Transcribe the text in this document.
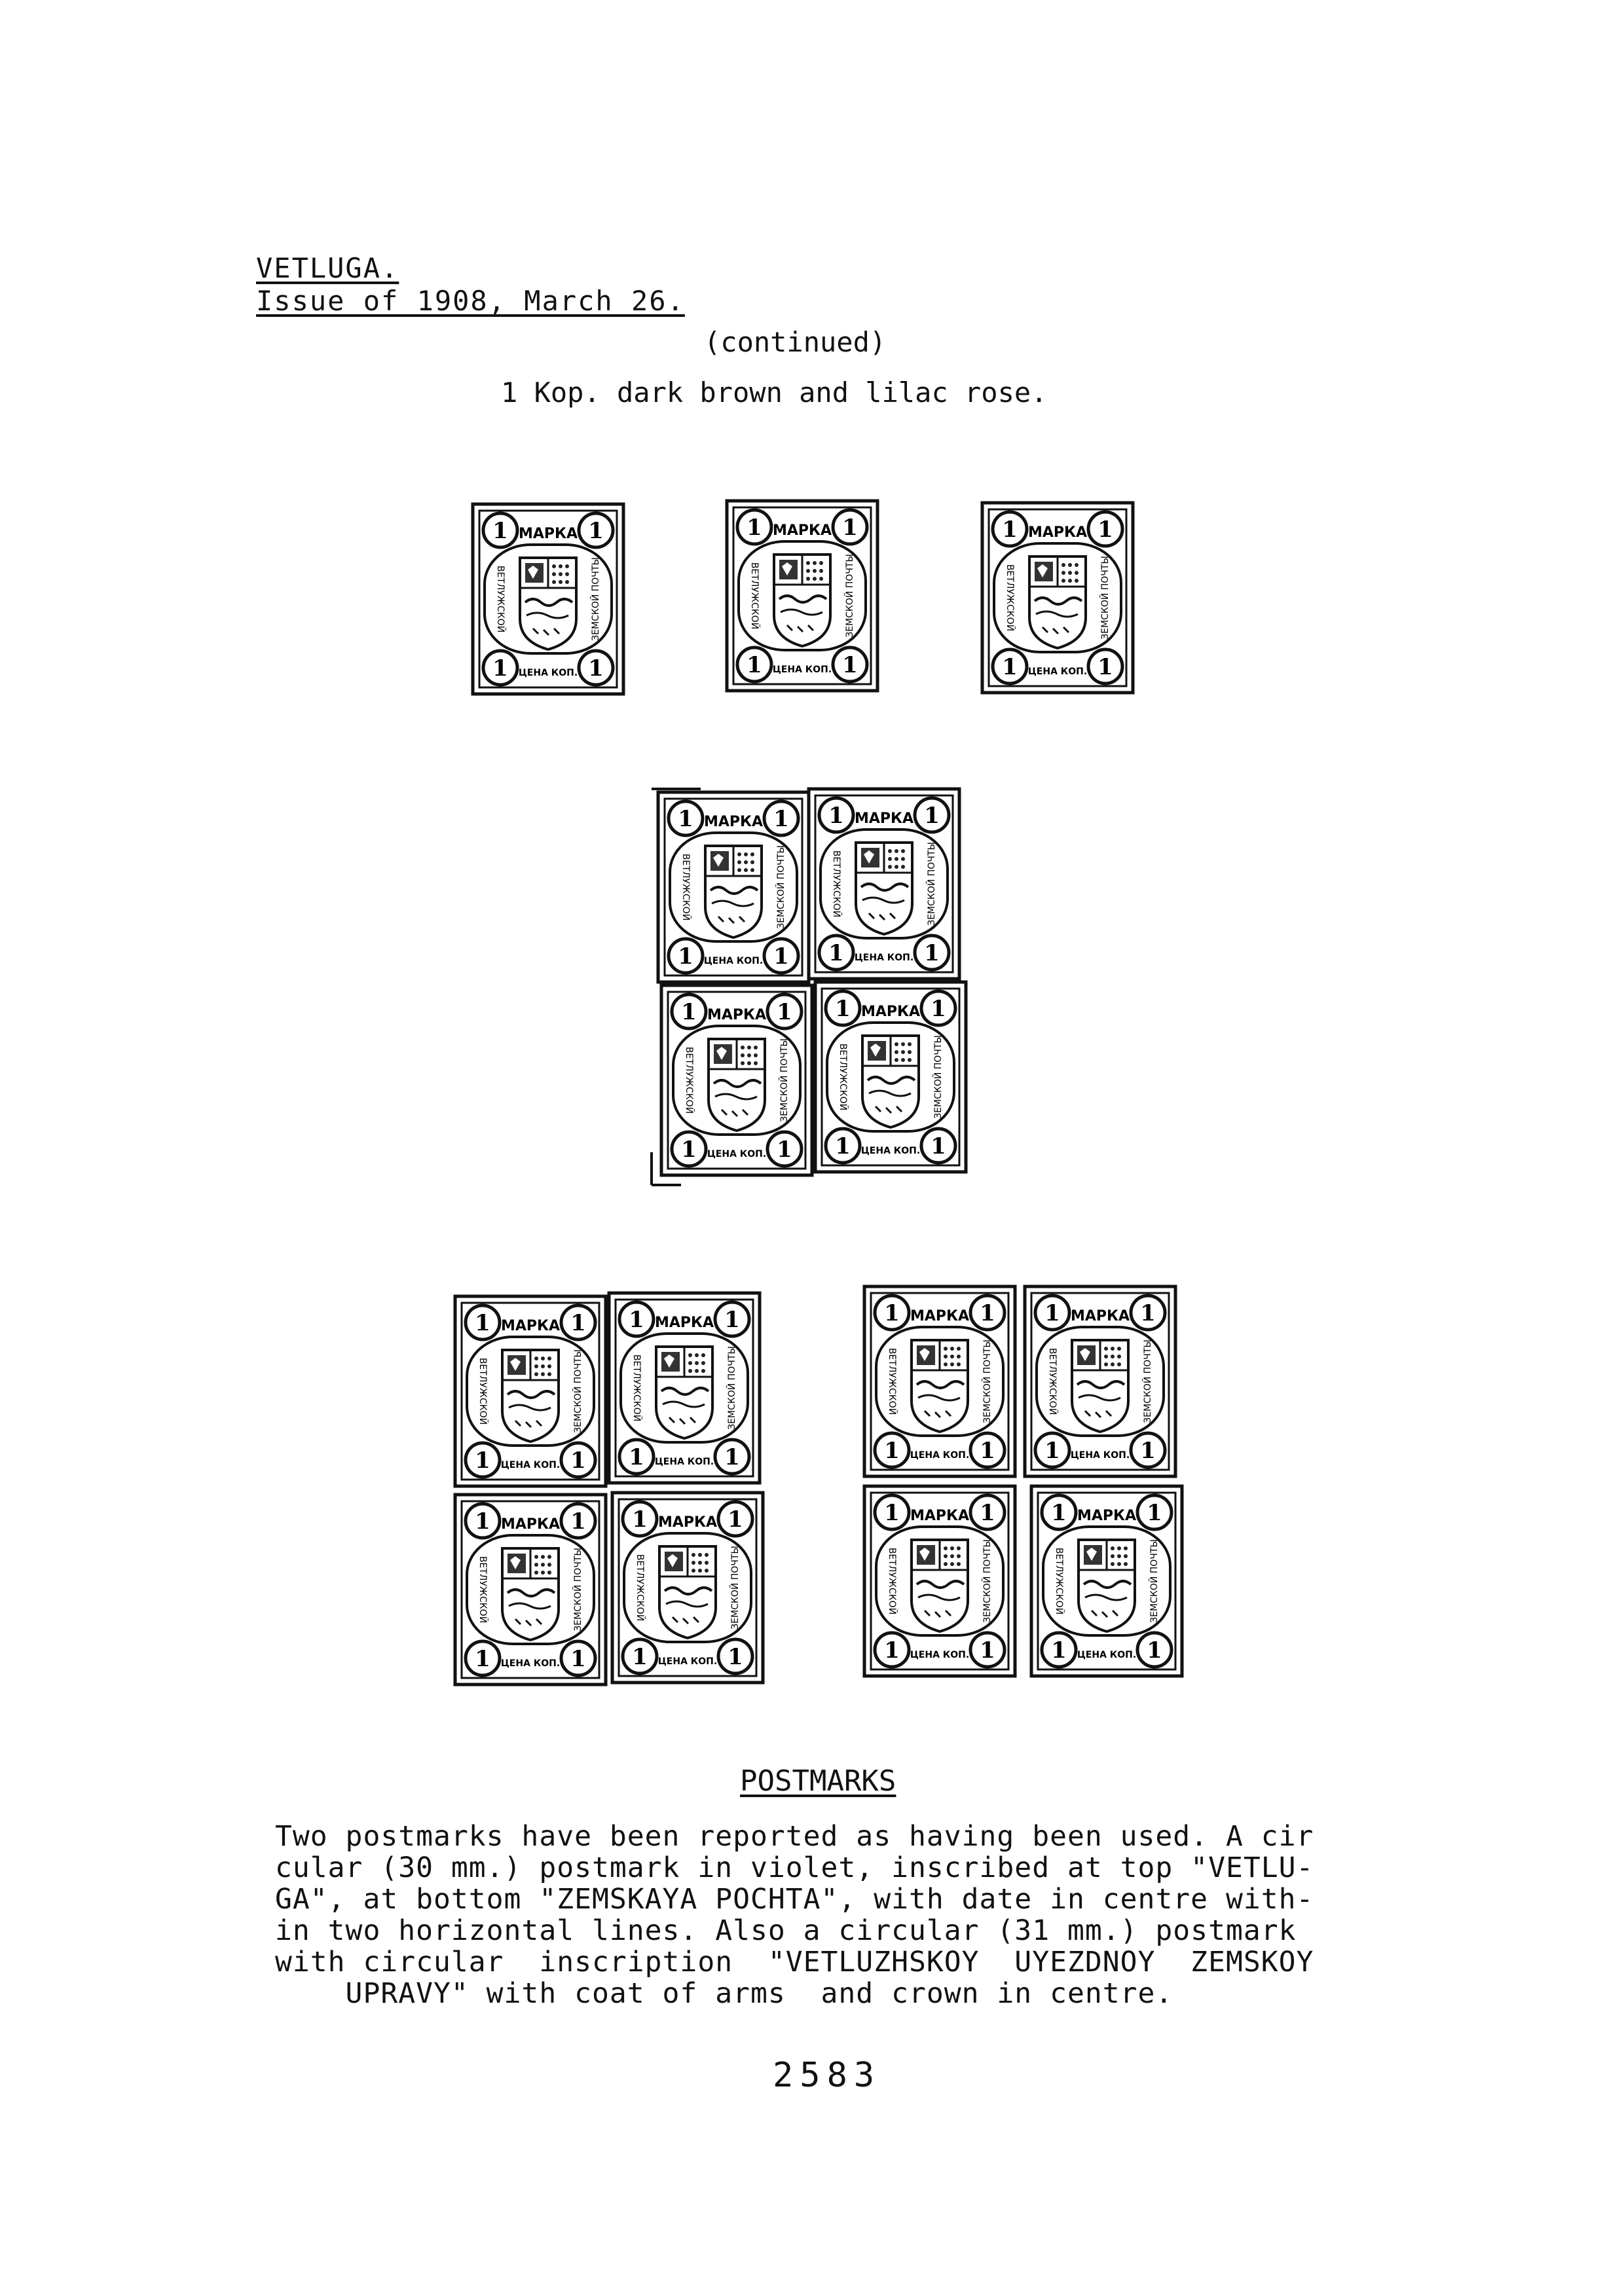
VETLUGA.
Issue of 1908, March 26.
(continued)
1 Kop. dark brown and lilac rose.
1	1
1	1
МАРКА
ВЕТЛУЖСКОЙ	ЗЕМСКОЙ ПОЧТЫ
ЦЕНА КОП.
1	1
1	1
МАРКА
ВЕТЛУЖСКОЙ	ЗЕМСКОЙ ПОЧТЫ
ЦЕНА КОП.
1	1
1	1
МАРКА
ВЕТЛУЖСКОЙ	ЗЕМСКОЙ ПОЧТЫ
ЦЕНА КОП.
1	1
1	1
МАРКА
ВЕТЛУЖСКОЙ	ЗЕМСКОЙ ПОЧТЫ
ЦЕНА КОП.
1	1
1	1
МАРКА
ВЕТЛУЖСКОЙ	ЗЕМСКОЙ ПОЧТЫ
ЦЕНА КОП.
1	1
1	1
МАРКА
ВЕТЛУЖСКОЙ	ЗЕМСКОЙ ПОЧТЫ
ЦЕНА КОП.
1	1
1	1
МАРКА
ВЕТЛУЖСКОЙ	ЗЕМСКОЙ ПОЧТЫ
ЦЕНА КОП.
1	1
1	1
МАРКА
ВЕТЛУЖСКОЙ	ЗЕМСКОЙ ПОЧТЫ
ЦЕНА КОП.
1	1
1	1
МАРКА
ВЕТЛУЖСКОЙ	ЗЕМСКОЙ ПОЧТЫ
ЦЕНА КОП.
1	1
1	1
МАРКА
ВЕТЛУЖСКОЙ	ЗЕМСКОЙ ПОЧТЫ
ЦЕНА КОП.
1	1
1	1
МАРКА
ВЕТЛУЖСКОЙ	ЗЕМСКОЙ ПОЧТЫ
ЦЕНА КОП.
1	1
1	1
МАРКА
ВЕТЛУЖСКОЙ	ЗЕМСКОЙ ПОЧТЫ
ЦЕНА КОП.
1	1
1	1
МАРКА
ВЕТЛУЖСКОЙ	ЗЕМСКОЙ ПОЧТЫ
ЦЕНА КОП.
1	1
1	1
МАРКА
ВЕТЛУЖСКОЙ	ЗЕМСКОЙ ПОЧТЫ
ЦЕНА КОП.
1	1
1	1
МАРКА
ВЕТЛУЖСКОЙ	ЗЕМСКОЙ ПОЧТЫ
ЦЕНА КОП.
POSTMARKS
Two postmarks have been reported as having been used. A cir
cular (30 mm.) postmark in violet, inscribed at top "VETLU-
GA", at bottom "ZEMSKAYA POCHTA", with date in centre with-
in two horizontal lines. Also a circular (31 mm.) postmark
with circular  inscription  "VETLUZHSKOY  UYEZDNOY  ZEMSKOY
UPRAVY" with coat of arms  and crown in centre.
2583
